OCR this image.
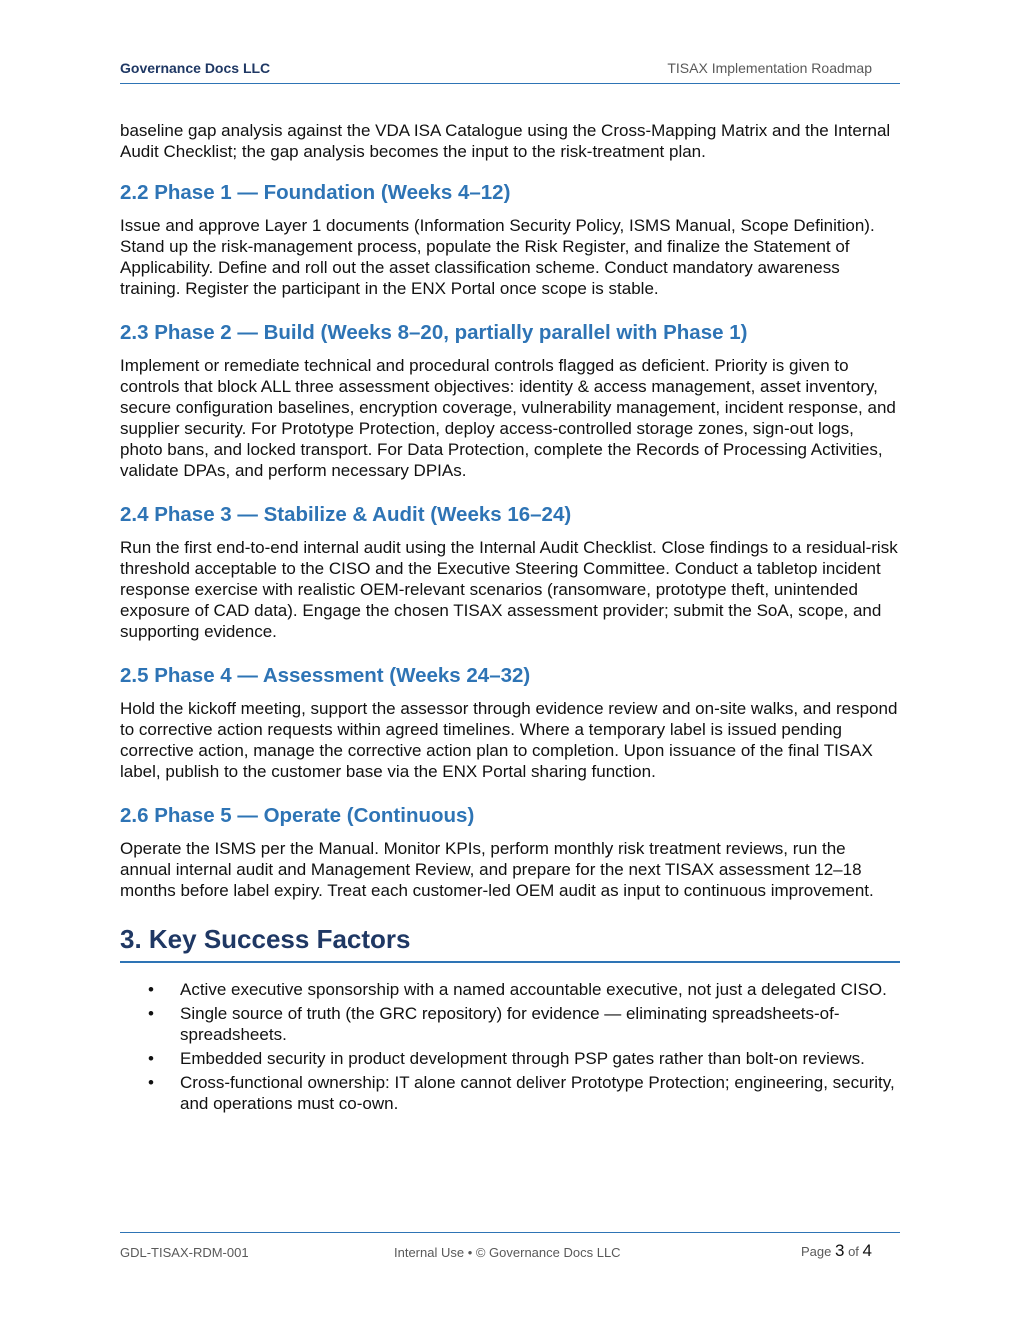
Governance Docs LLC	TISAX Implementation Roadmap

baseline gap analysis against the VDA ISA Catalogue using the Cross-Mapping Matrix and the Internal Audit Checklist; the gap analysis becomes the input to the risk-treatment plan.

2.2 Phase 1 — Foundation (Weeks 4–12)

Issue and approve Layer 1 documents (Information Security Policy, ISMS Manual, Scope Definition). Stand up the risk-management process, populate the Risk Register, and finalize the Statement of Applicability. Define and roll out the asset classification scheme. Conduct mandatory awareness training. Register the participant in the ENX Portal once scope is stable.

2.3 Phase 2 — Build (Weeks 8–20, partially parallel with Phase 1)

Implement or remediate technical and procedural controls flagged as deficient. Priority is given to controls that block ALL three assessment objectives: identity & access management, asset inventory, secure configuration baselines, encryption coverage, vulnerability management, incident response, and supplier security. For Prototype Protection, deploy access-controlled storage zones, sign-out logs, photo bans, and locked transport. For Data Protection, complete the Records of Processing Activities, validate DPAs, and perform necessary DPIAs.

2.4 Phase 3 — Stabilize & Audit (Weeks 16–24)

Run the first end-to-end internal audit using the Internal Audit Checklist. Close findings to a residual-risk threshold acceptable to the CISO and the Executive Steering Committee. Conduct a tabletop incident response exercise with realistic OEM-relevant scenarios (ransomware, prototype theft, unintended exposure of CAD data). Engage the chosen TISAX assessment provider; submit the SoA, scope, and supporting evidence.

2.5 Phase 4 — Assessment (Weeks 24–32)

Hold the kickoff meeting, support the assessor through evidence review and on-site walks, and respond to corrective action requests within agreed timelines. Where a temporary label is issued pending corrective action, manage the corrective action plan to completion. Upon issuance of the final TISAX label, publish to the customer base via the ENX Portal sharing function.

2.6 Phase 5 — Operate (Continuous)

Operate the ISMS per the Manual. Monitor KPIs, perform monthly risk treatment reviews, run the annual internal audit and Management Review, and prepare for the next TISAX assessment 12–18 months before label expiry. Treat each customer-led OEM audit as input to continuous improvement.

3. Key Success Factors
• Active executive sponsorship with a named accountable executive, not just a delegated CISO.
• Single source of truth (the GRC repository) for evidence — eliminating spreadsheets-of-spreadsheets.
• Embedded security in product development through PSP gates rather than bolt-on reviews.
• Cross-functional ownership: IT alone cannot deliver Prototype Protection; engineering, security, and operations must co-own.
GDL-TISAX-RDM-001	Internal Use • © Governance Docs LLC	Page 3 of 4
